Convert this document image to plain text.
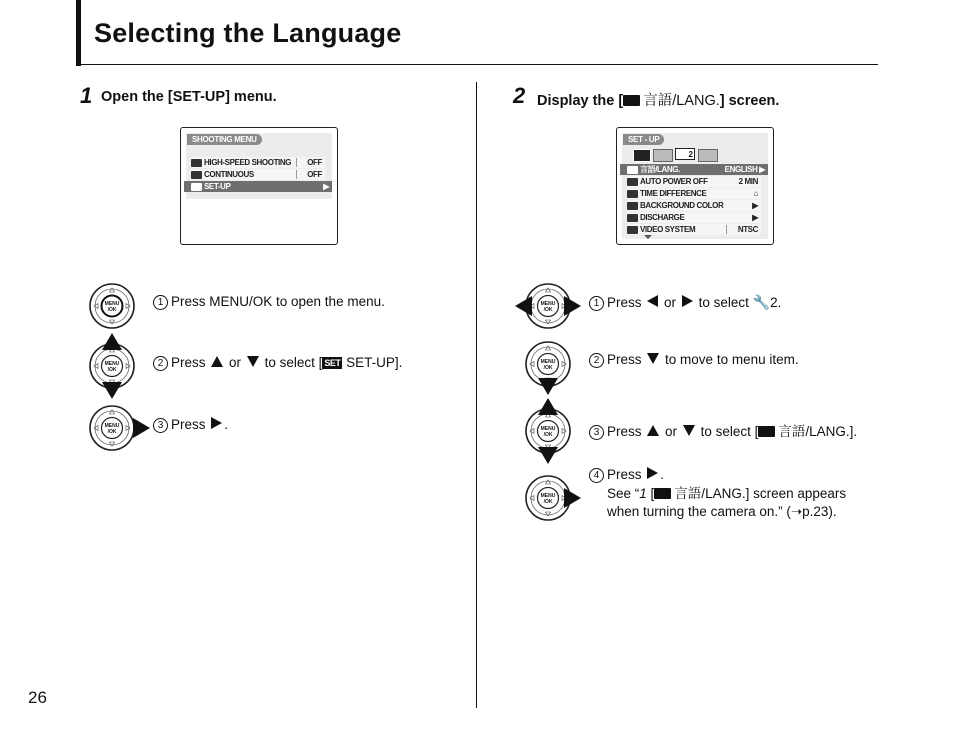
Selecting the Language
26
1 Open the [SET-UP] menu.
SHOOTING MENU
HIGH-SPEED SHOOTING OFF
CONTINUOUS	OFF
SET-UP	▶
1 Press MENU/OK to open the menu.
2 Press or to select [ SET SET-UP].
3 Press .
2 Display the [ 言語/LANG.] screen.
SET - UP
2
言語/LANG.	ENGLISH ▶
AUTO POWER OFF	2 MIN
TIME DIFFERENCE	⌂
BACKGROUND COLOR	▶
DISCHARGE	▶
VIDEO SYSTEM	NTSC
1 Press or to select 🔧2.
2 Press to move to menu item.
3 Press or to select [ 言語/LANG.].
4 Press .
See “1 [ 言語/LANG.] screen appears
when turning the camera on.” (➝p.23).
